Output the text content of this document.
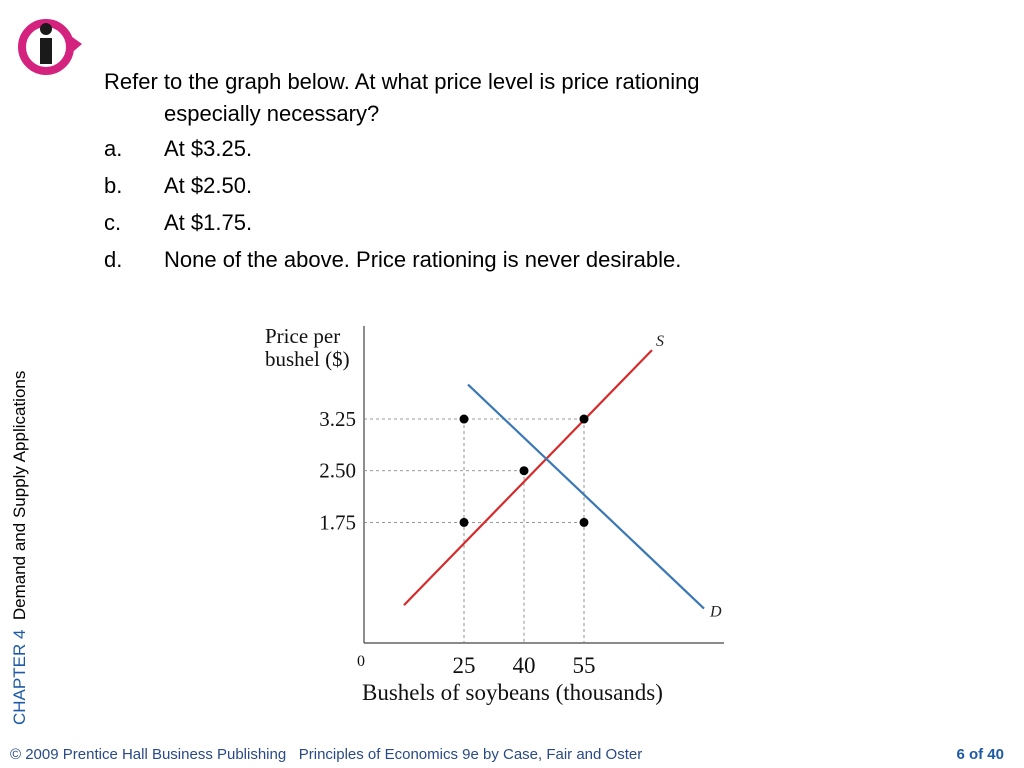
Refer to the graph below. At what price level is price rationing
especially necessary?
a. At $3.25.
b. At $2.50.
c. At $1.75.
d. None of the above. Price rationing is never desirable.
S
D
3.25
2.50
1.75
25 40 55
0
Price per
bushel ($)
Bushels of soybeans (thousands)
CHAPTER 4  Demand and Supply Applications
© 2009 Prentice Hall Business Publishing Principles of Economics 9e by Case, Fair and Oster	6 of 40
